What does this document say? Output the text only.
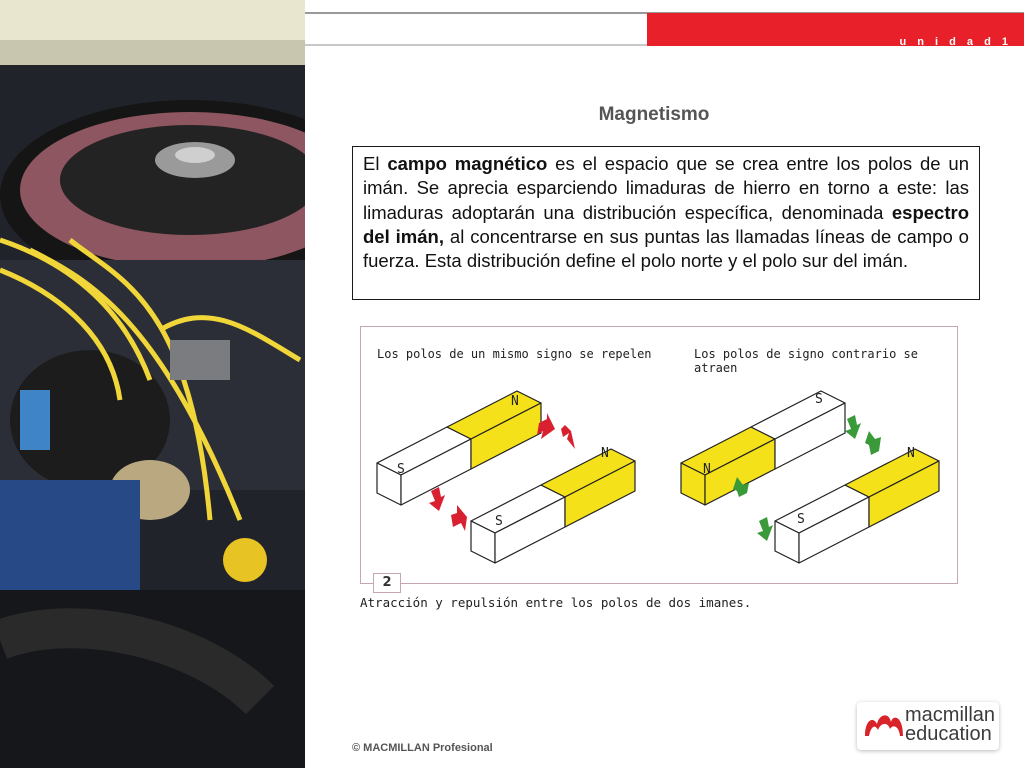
u n i d a d 1
Magnetismo
El campo magnético es el espacio que se crea entre los polos de un imán. Se aprecia esparciendo limaduras de hierro en torno a este: las limaduras adoptarán una distribución específica, denominada espectro del imán, al concentrarse en sus puntas las llamadas líneas de campo o fuerza. Esta distribución define el polo norte y el polo sur del imán.
Los polos de un mismo signo se repelen	Los polos de signo contrario se atraen
N
S
N
S
S
N
N
S
2
Atracción y repulsión entre los polos de dos imanes.
© MACMILLAN Profesional
macmillan
education
